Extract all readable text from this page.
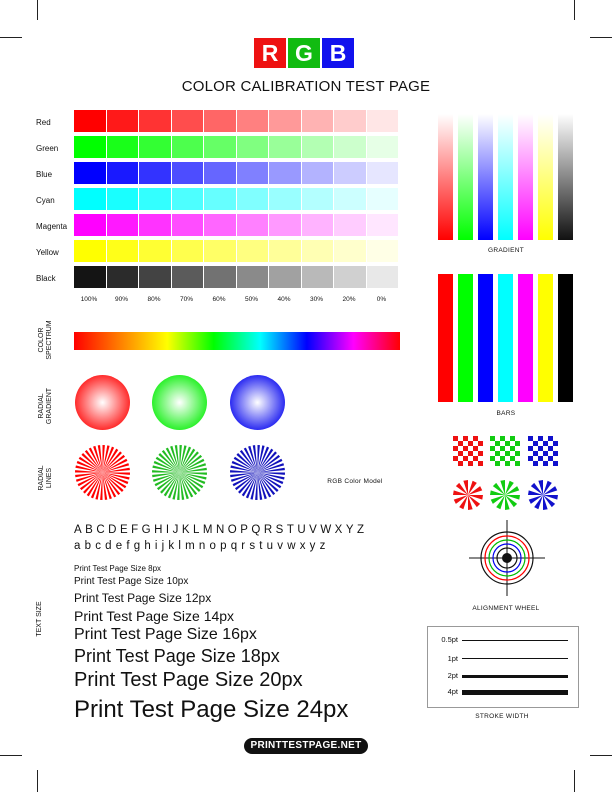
R G B
COLOR CALIBRATION TEST PAGE
Red
Green
Blue
Cyan
Magenta
Yellow
Black
100%	90%	80%	70%	60%	50%	40%	30%	20%	0%
COLOR
SPECTRUM
RADIAL
GRADIENT
RADIAL
LINES	RGB Color Model
ABCDEFGHIJKLMNOPQRSTUVWXYZ
abcdefghijklmnopqrstuvwxyz
TEXT SIZE
Print Test Page Size 8px
Print Test Page Size 10px
Print Test Page Size 12px
Print Test Page Size 14px
Print Test Page Size 16px
Print Test Page Size 18px
Print Test Page Size 20px
Print Test Page Size 24px
GRADIENT
BARS
ALIGNMENT WHEEL
0.5pt
1pt
2pt
4pt
STROKE WIDTH
PRINTTESTPAGE.NET
